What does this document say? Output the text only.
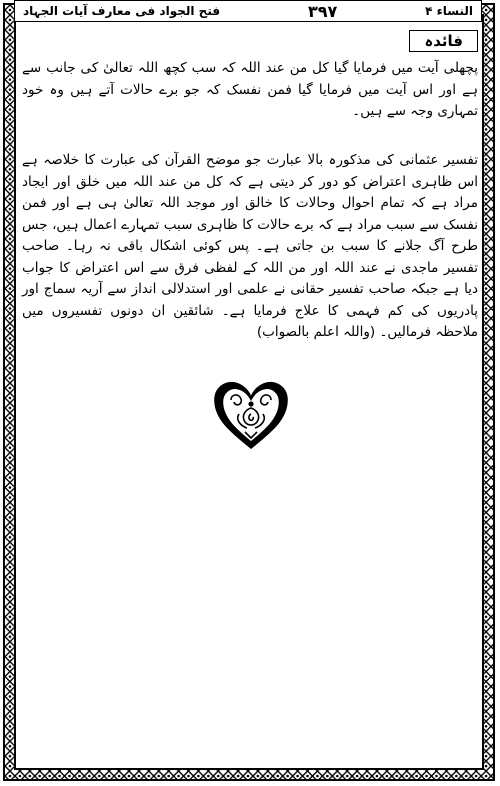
النساء ۴
۳۹۷
فتح الجواد فی معارف آیات الجہاد
فائدہ

پچھلی آیت میں فرمایا گیا کل من عند اللہ کہ سب کچھ اللہ تعالیٰ کی جانب سے ہے اور اس آیت میں فرمایا گیا فمن نفسک کہ جو برے حالات آتے ہیں وہ خود تمہاری وجہ سے ہیں۔

تفسیر عثمانی کی مذکورہ بالا عبارت جو موضح القرآن کی عبارت کا خلاصہ ہے اس ظاہری اعتراض کو دور کر دیتی ہے کہ کل من عند اللہ میں خلق اور ایجاد مراد ہے کہ تمام احوال وحالات کا خالق اور موجد اللہ تعالیٰ ہی ہے اور فمن نفسک سے سبب مراد ہے کہ برے حالات کا ظاہری سبب تمہارے اعمال ہیں، جس طرح آگ جلانے کا سبب بن جاتی ہے۔ پس کوئی اشکال باقی نہ رہا۔ صاحب تفسیر ماجدی نے عند اللہ اور من اللہ کے لفظی فرق سے اس اعتراض کا جواب دیا ہے جبکہ صاحب تفسیر حقانی نے علمی اور استدلالی انداز سے آریہ سماج اور پادریوں کی کم فہمی کا علاج فرمایا ہے۔ شائقین ان دونوں تفسیروں میں ملاحظہ فرمالیں۔ (واللہ اعلم بالصواب)
